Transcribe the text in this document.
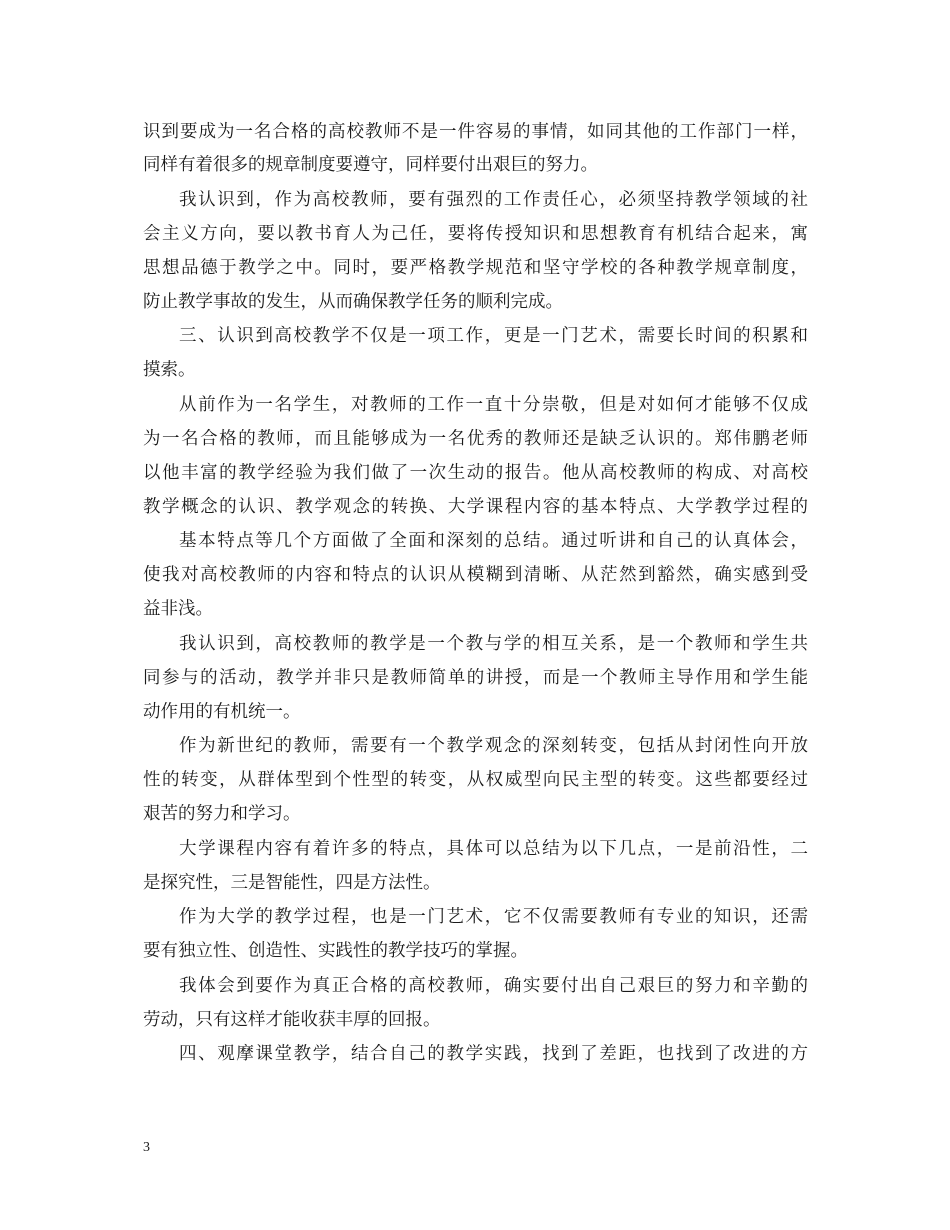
识到要成为一名合格的高校教师不是一件容易的事情，如同其他的工作部门一样，
同样有着很多的规章制度要遵守，同样要付出艰巨的努力。
我认识到，作为高校教师，要有强烈的工作责任心，必须坚持教学领域的社
会主义方向，要以教书育人为己任，要将传授知识和思想教育有机结合起来，寓
思想品德于教学之中。同时，要严格教学规范和坚守学校的各种教学规章制度，
防止教学事故的发生，从而确保教学任务的顺利完成。
三、认识到高校教学不仅是一项工作，更是一门艺术，需要长时间的积累和
摸索。
从前作为一名学生，对教师的工作一直十分崇敬，但是对如何才能够不仅成
为一名合格的教师，而且能够成为一名优秀的教师还是缺乏认识的。郑伟鹏老师
以他丰富的教学经验为我们做了一次生动的报告。他从高校教师的构成、对高校
教学概念的认识、教学观念的转换、大学课程内容的基本特点、大学教学过程的
基本特点等几个方面做了全面和深刻的总结。通过听讲和自己的认真体会，
使我对高校教师的内容和特点的认识从模糊到清晰、从茫然到豁然，确实感到受
益非浅。
我认识到，高校教师的教学是一个教与学的相互关系，是一个教师和学生共
同参与的活动，教学并非只是教师简单的讲授，而是一个教师主导作用和学生能
动作用的有机统一。
作为新世纪的教师，需要有一个教学观念的深刻转变，包括从封闭性向开放
性的转变，从群体型到个性型的转变，从权威型向民主型的转变。这些都要经过
艰苦的努力和学习。
大学课程内容有着许多的特点，具体可以总结为以下几点，一是前沿性，二
是探究性，三是智能性，四是方法性。
作为大学的教学过程，也是一门艺术，它不仅需要教师有专业的知识，还需
要有独立性、创造性、实践性的教学技巧的掌握。
我体会到要作为真正合格的高校教师，确实要付出自己艰巨的努力和辛勤的
劳动，只有这样才能收获丰厚的回报。
四、观摩课堂教学，结合自己的教学实践，找到了差距，也找到了改进的方
3
